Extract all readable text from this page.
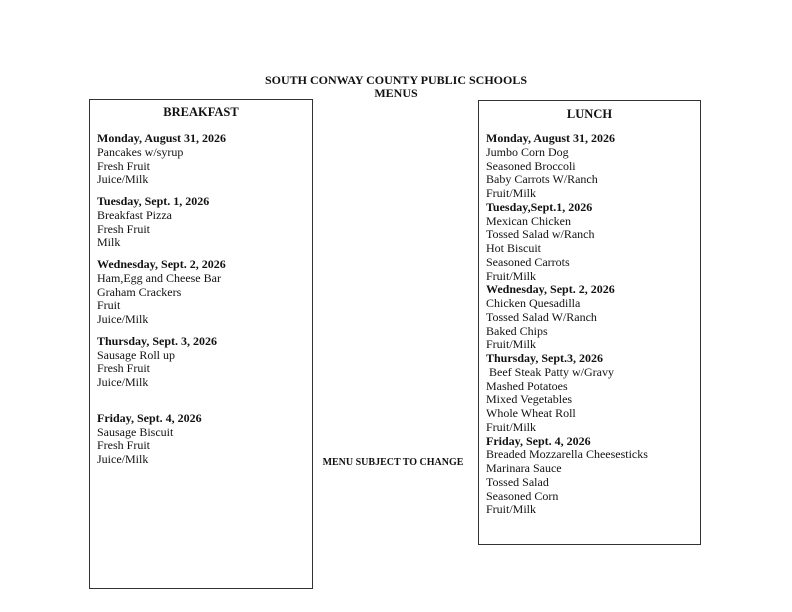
SOUTH CONWAY COUNTY PUBLIC SCHOOLS
MENUS
BREAKFAST
Monday, August 31, 2026
Pancakes w/syrup
Fresh Fruit
Juice/Milk
Tuesday, Sept. 1, 2026
Breakfast Pizza
Fresh Fruit
Milk
Wednesday, Sept. 2, 2026
Ham,Egg and Cheese Bar
Graham Crackers
Fruit
Juice/Milk
Thursday, Sept. 3, 2026
Sausage Roll up
Fresh Fruit
Juice/Milk
Friday, Sept. 4, 2026
Sausage Biscuit
Fresh Fruit
Juice/Milk	MENU SUBJECT TO CHANGE
LUNCH
Monday, August 31, 2026
Jumbo Corn Dog
Seasoned Broccoli
Baby Carrots W/Ranch
Fruit/Milk
Tuesday,Sept.1, 2026
Mexican Chicken
Tossed Salad w/Ranch
Hot Biscuit
Seasoned Carrots
Fruit/Milk
Wednesday, Sept. 2, 2026
Chicken Quesadilla
Tossed Salad W/Ranch
Baked Chips
Fruit/Milk
Thursday, Sept.3, 2026
Beef Steak Patty w/Gravy
Mashed Potatoes
Mixed Vegetables
Whole Wheat Roll
Fruit/Milk
Friday, Sept. 4, 2026
Breaded Mozzarella Cheesesticks
Marinara Sauce
Tossed Salad
Seasoned Corn
Fruit/Milk
